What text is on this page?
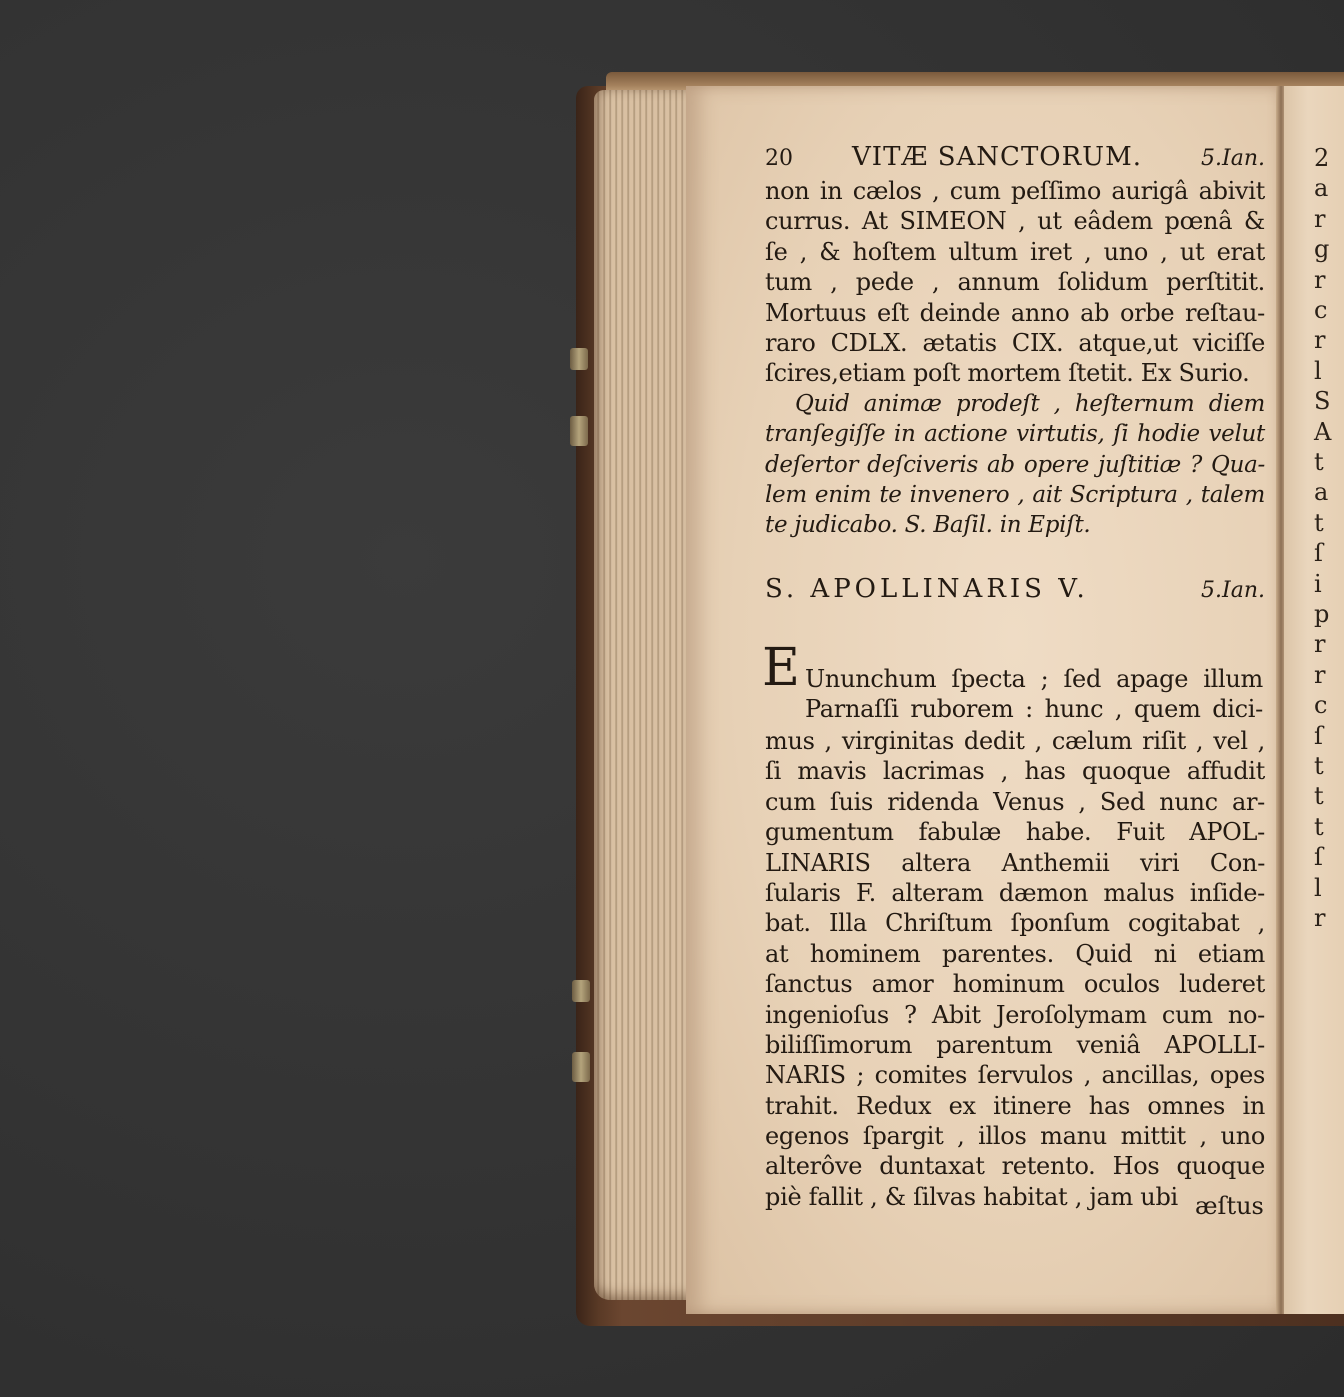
2
a
r
g
r
c
r
l
S
A
t
a
t
ſ
i
p
r
r
c
ſ
t
t
t
ſ
l
r
20 VITÆ SANCTORUM.	5.Ian.
non in cælos , cum peſſimo aurigâ abivit
currus. At SIMEON , ut eâdem pœnâ &
ſe , & hoſtem ultum iret , uno , ut erat
tum , pede , annum ſolidum perſtitit.
Mortuus eſt deinde anno ab orbe reſtau-
raro CDLX. ætatis CIX. atque,ut viciſſe
ſcires,etiam poſt mortem ſtetit. Ex Surio.
Quid animæ prodeſt , heſternum diem
tranſegiſſe in actione virtutis, ſi hodie velut
deſertor deſciveris ab opere juſtitiæ ? Qua-
lem enim te invenero , ait Scriptura , talem
te judicabo. S. Baſil. in Epiſt.
S. APOLLINARIS V.	5.Ian.
E Ununchum ſpecta ; ſed apage illum
Parnaſſi ruborem : hunc , quem dici-
mus , virginitas dedit , cælum riſit , vel ,
ſi mavis lacrimas , has quoque affudit
cum ſuis ridenda Venus , Sed nunc ar-
gumentum fabulæ habe. Fuit APOL-
LINARIS altera Anthemii viri Con-
ſularis F. alteram dæmon malus inſide-
bat. Illa Chriſtum ſponſum cogitabat ,
at hominem parentes. Quid ni etiam
ſanctus amor hominum oculos luderet
ingenioſus ? Abit Jeroſolymam cum no-
biliſſimorum parentum veniâ APOLLI-
NARIS ; comites ſervulos , ancillas, opes
trahit. Redux ex itinere has omnes in
egenos ſpargit , illos manu mittit , uno
alterôve duntaxat retento. Hos quoque
piè fallit , & ſilvas habitat , jam ubi æſtus
